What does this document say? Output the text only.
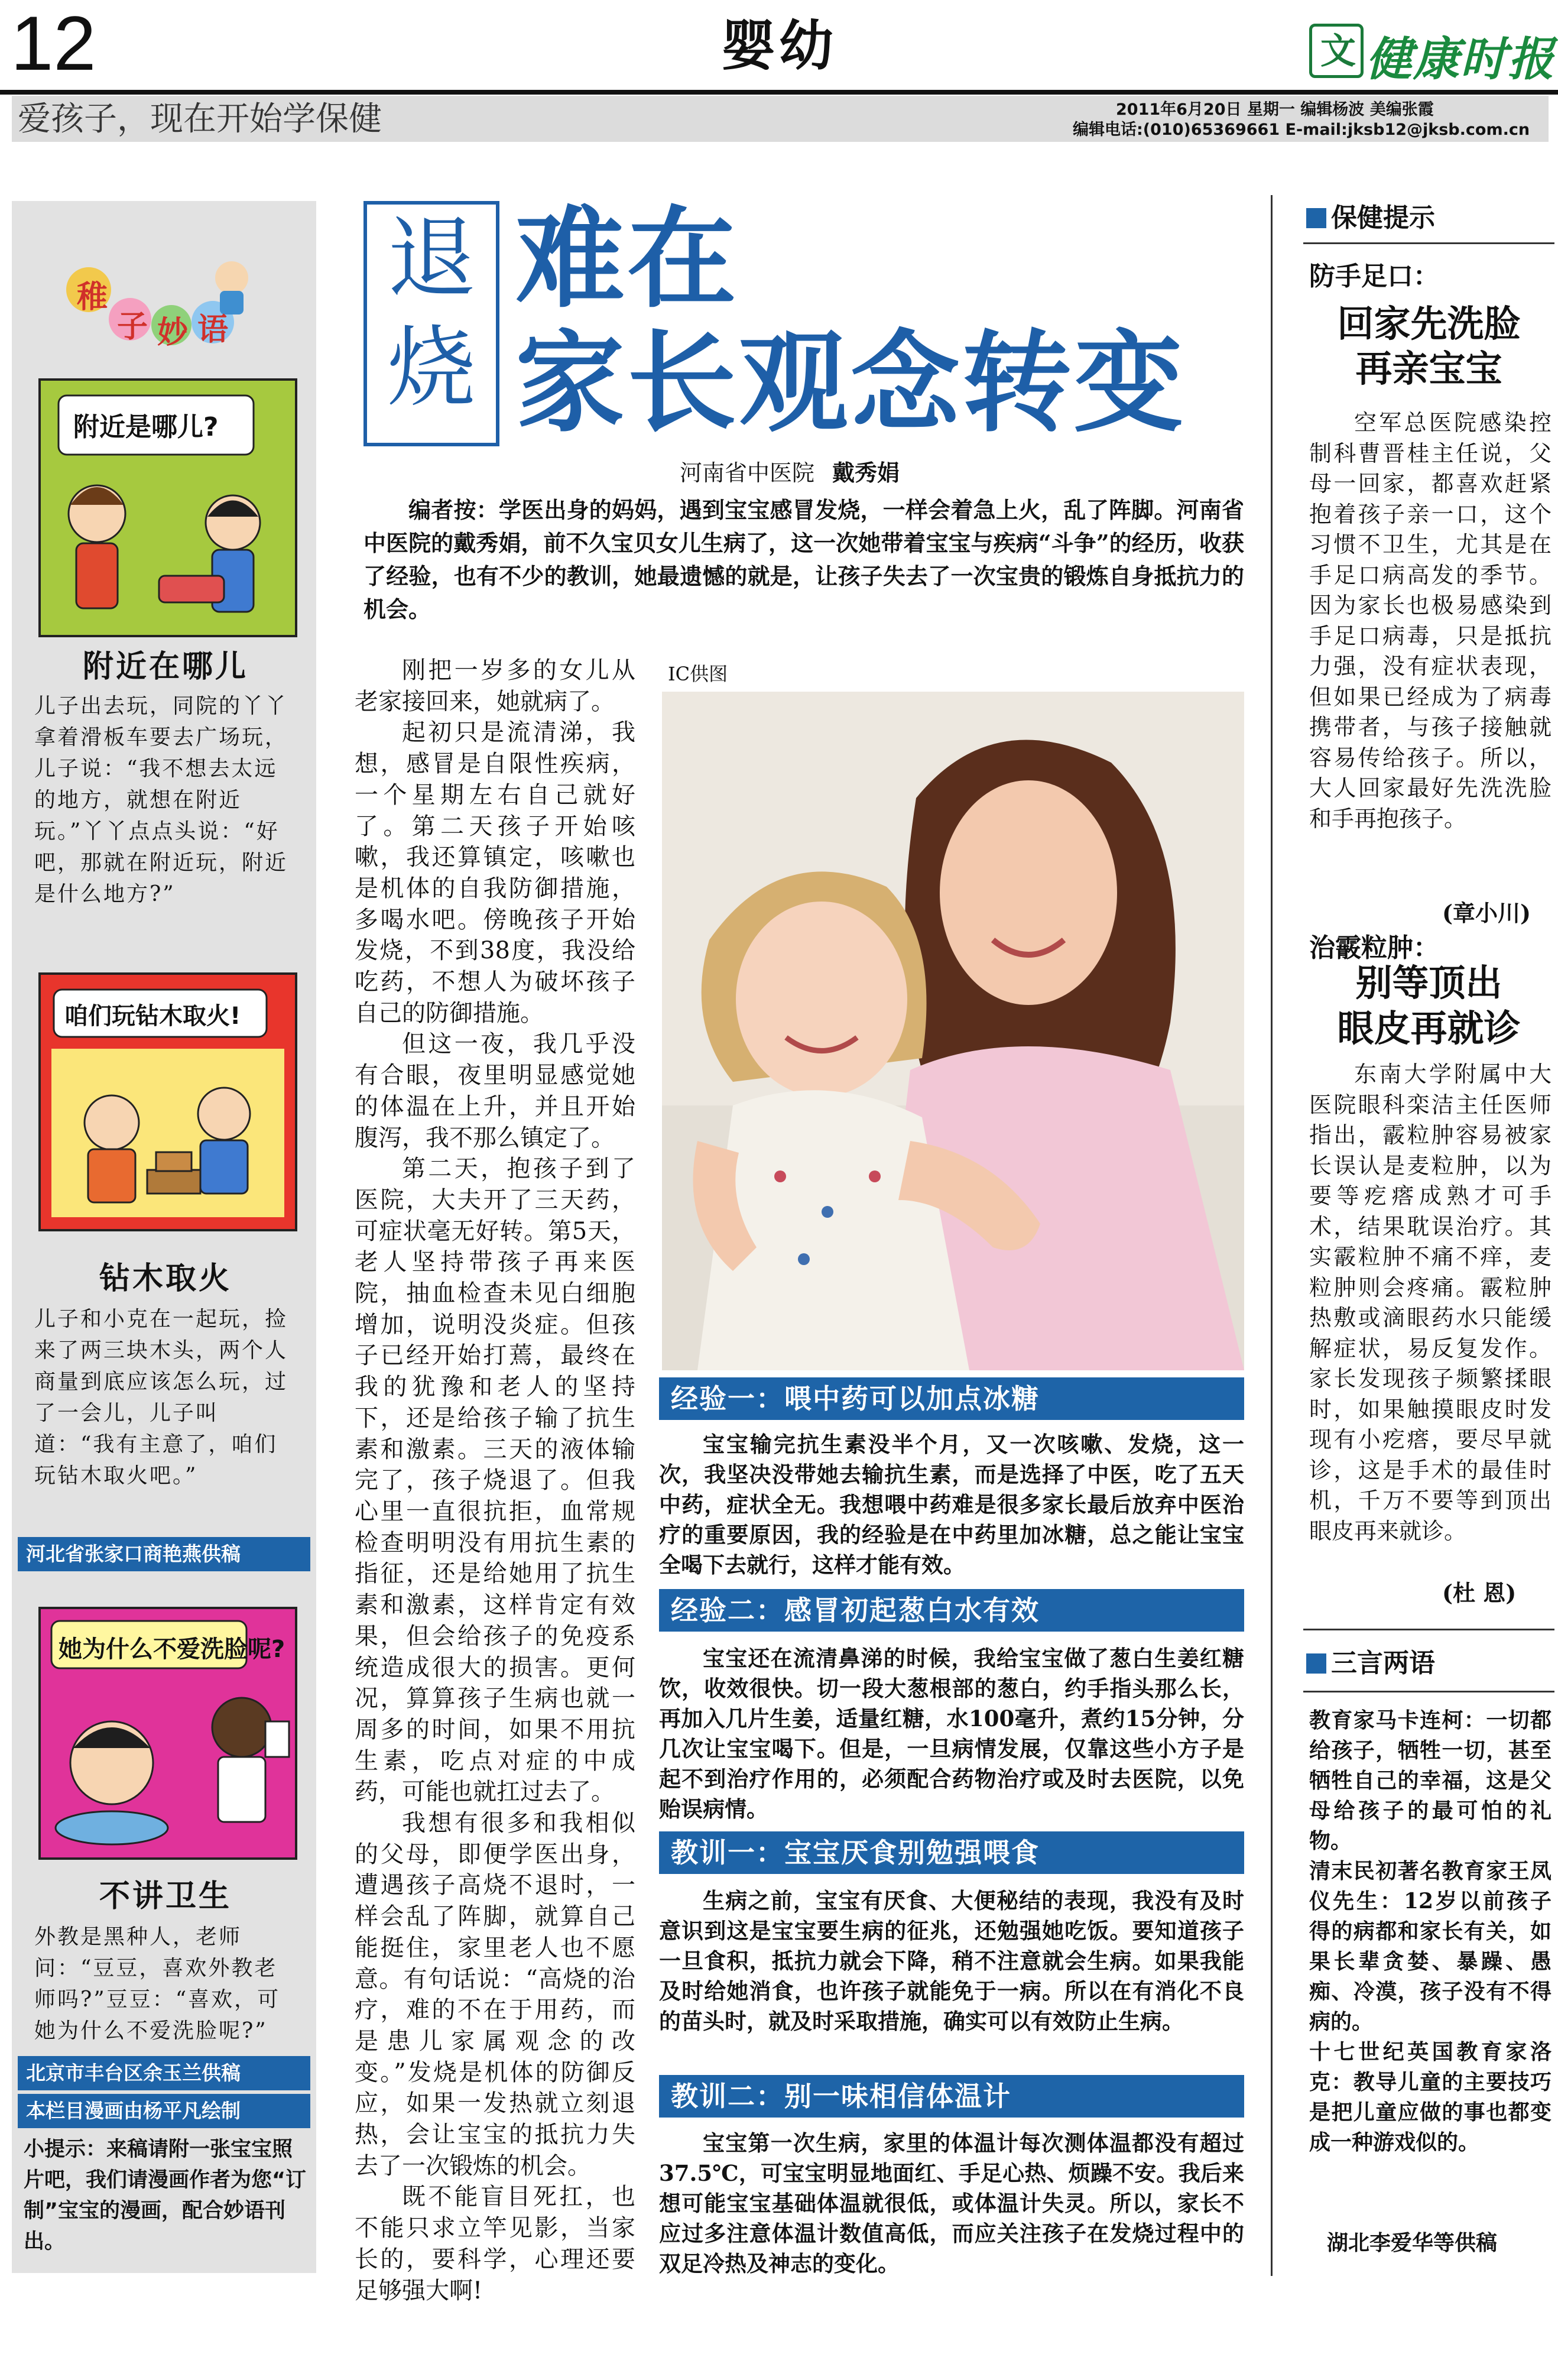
12	婴幼	文 健康时报
爱孩子，现在开始学保健	2011年6月20日 星期一 编辑杨波 美编张霞
编辑电话:(010)65369661 E-mail:jksb12@jksb.com.cn
稚
子 妙 语
附近是哪儿?
附近在哪儿
儿子出去玩，同院的丫丫拿着滑板车要去广场玩，儿子说：“我不想去太远的地方，就想在附近玩。”丫丫点点头说：“好吧，那就在附近玩，附近是什么地方?”
咱们玩钻木取火!
钻木取火
儿子和小克在一起玩，捡来了两三块木头，两个人商量到底应该怎么玩，过了一会儿，儿子叫道：“我有主意了，咱们玩钻木取火吧。”
河北省张家口商艳燕供稿
她为什么不爱洗脸呢?
不讲卫生
外教是黑种人，老师问：“豆豆，喜欢外教老师吗?”豆豆：“喜欢，可她为什么不爱洗脸呢?”
北京市丰台区余玉兰供稿
本栏目漫画由杨平凡绘制
小提示：来稿请附一张宝宝照片吧，我们请漫画作者为您“订制”宝宝的漫画，配合妙语刊出。
退烧
难在
家长观念转变
河南省中医院 戴秀娟
编者按：学医出身的妈妈，遇到宝宝感冒发烧，一样会着急上火，乱了阵脚。河南省中医院的戴秀娟，前不久宝贝女儿生病了，这一次她带着宝宝与疾病“斗争”的经历，收获了经验，也有不少的教训，她最遗憾的就是，让孩子失去了一次宝贵的锻炼自身抵抗力的机会。

刚把一岁多的女儿从老家接回来，她就病了。

起初只是流清涕，我想，感冒是自限性疾病，一个星期左右自己就好了。第二天孩子开始咳嗽，我还算镇定，咳嗽也是机体的自我防御措施，多喝水吧。傍晚孩子开始发烧，不到38度，我没给吃药，不想人为破坏孩子自己的防御措施。

但这一夜，我几乎没有合眼，夜里明显感觉她的体温在上升，并且开始腹泻，我不那么镇定了。

第二天，抱孩子到了医院，大夫开了三天药，可症状毫无好转。第5天，老人坚持带孩子再来医院，抽血检查未见白细胞增加，说明没炎症。但孩子已经开始打蔫，最终在我的犹豫和老人的坚持下，还是给孩子输了抗生素和激素。三天的液体输完了，孩子烧退了。但我心里一直很抗拒，血常规检查明明没有用抗生素的指征，还是给她用了抗生素和激素，这样肯定有效果，但会给孩子的免疫系统造成很大的损害。更何况，算算孩子生病也就一周多的时间，如果不用抗生素，吃点对症的中成药，可能也就扛过去了。

我想有很多和我相似的父母，即便学医出身，遭遇孩子高烧不退时，一样会乱了阵脚，就算自己能挺住，家里老人也不愿意。有句话说：“高烧的治疗，难的不在于用药，而是患儿家属观念的改变。”发烧是机体的防御反应，如果一发热就立刻退热，会让宝宝的抵抗力失去了一次锻炼的机会。

既不能盲目死扛，也不能只求立竿见影，当家长的，要科学，心理还要足够强大啊!

IC供图
经验一：喂中药可以加点冰糖
宝宝输完抗生素没半个月，又一次咳嗽、发烧，这一次，我坚决没带她去输抗生素，而是选择了中医，吃了五天中药，症状全无。我想喂中药难是很多家长最后放弃中医治疗的重要原因，我的经验是在中药里加冰糖，总之能让宝宝全喝下去就行，这样才能有效。
经验二：感冒初起葱白水有效
宝宝还在流清鼻涕的时候，我给宝宝做了葱白生姜红糖饮，收效很快。切一段大葱根部的葱白，约手指头那么长，再加入几片生姜，适量红糖，水100毫升，煮约15分钟，分几次让宝宝喝下。但是，一旦病情发展，仅靠这些小方子是起不到治疗作用的，必须配合药物治疗或及时去医院，以免贻误病情。
教训一：宝宝厌食别勉强喂食
生病之前，宝宝有厌食、大便秘结的表现，我没有及时意识到这是宝宝要生病的征兆，还勉强她吃饭。要知道孩子一旦食积，抵抗力就会下降，稍不注意就会生病。如果我能及时给她消食，也许孩子就能免于一病。所以在有消化不良的苗头时，就及时采取措施，确实可以有效防止生病。
教训二：别一味相信体温计
宝宝第一次生病，家里的体温计每次测体温都没有超过37.5℃，可宝宝明显地面红、手足心热、烦躁不安。我后来想可能宝宝基础体温就很低，或体温计失灵。所以，家长不应过多注意体温计数值高低，而应关注孩子在发烧过程中的双足冷热及神志的变化。
保健提示
防手足口：
回家先洗脸
再亲宝宝
空军总医院感染控制科曹晋桂主任说，父母一回家，都喜欢赶紧抱着孩子亲一口，这个习惯不卫生，尤其是在手足口病高发的季节。因为家长也极易感染到手足口病毒，只是抵抗力强，没有症状表现，但如果已经成为了病毒携带者，与孩子接触就容易传给孩子。所以，大人回家最好先洗洗脸和手再抱孩子。
(章小川)
治霰粒肿：
别等顶出
眼皮再就诊
东南大学附属中大医院眼科栾洁主任医师指出，霰粒肿容易被家长误认是麦粒肿，以为要等疙瘩成熟才可手术，结果耽误治疗。其实霰粒肿不痛不痒，麦粒肿则会疼痛。霰粒肿热敷或滴眼药水只能缓解症状，易反复发作。家长发现孩子频繁揉眼时，如果触摸眼皮时发现有小疙瘩，要尽早就诊，这是手术的最佳时机，千万不要等到顶出眼皮再来就诊。
(杜 恩)
三言两语

教育家马卡连柯：一切都给孩子，牺牲一切，甚至牺牲自己的幸福，这是父母给孩子的最可怕的礼物。

清末民初著名教育家王凤仪先生：12岁以前孩子得的病都和家长有关，如果长辈贪婪、暴躁、愚痴、冷漠，孩子没有不得病的。

十七世纪英国教育家洛克：教导儿童的主要技巧是把儿童应做的事也都变成一种游戏似的。

湖北李爱华等供稿
